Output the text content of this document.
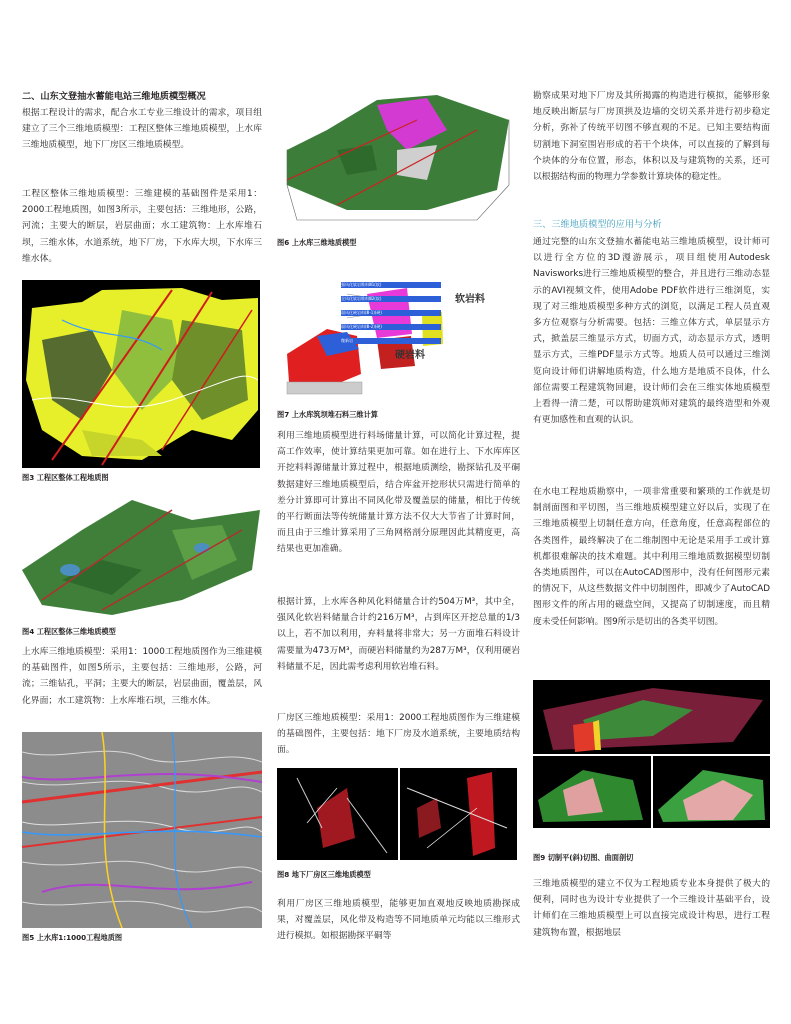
二、山东文登抽水蓄能电站三维地质模型概况

根据工程设计的需求，配合水工专业三维设计的需求，项目组建立了三个三维地质模型：工程区整体三维地质模型，上水库三维地质模型，地下厂房区三维地质模型。

工程区整体三维地质模型：三维建模的基础图件是采用1：2000工程地质图，如图3所示，主要包括：三维地形，公路，河流；主要大的断层，岩层曲面；水工建筑物：上水库堆石坝，三维水体，水道系统，地下厂房，下水库大坝，下水库三维水体。

图3 工程区整体工程地质图
图4 工程区整体三维地质模型

上水库三维地质模型：采用1：1000工程地质图作为三维建模的基础图件，如图5所示，主要包括：三维地形，公路，河流；三维钻孔，平洞；主要大的断层，岩层曲面，覆盖层，风化界面；水工建筑物：上水库堆石坝，三维水体。

图5 上水库1:1000工程地质图
图6 上水库三维地质模型
强风化软岩堆料Ⅲ1(软)
全风化软岩堆料Ⅲ2(软)
弱风化硬岩料(Ⅲ-1)(硬)
弱风化硬岩料(Ⅲ-2)(硬)
微新岩
软岩料
硬岩料
图7 上水库筑坝堆石料三维计算

利用三维地质模型进行料场储量计算，可以简化计算过程，提高工作效率，使计算结果更加可靠。如在进行上、下水库库区开挖料料源储量计算过程中，根据地质测绘，勘探钻孔及平硐数据建好三维地质模型后，结合库盆开挖形状只需进行简单的差分计算即可计算出不同风化带及覆盖层的储量，相比于传统的平行断面法等传统储量计算方法不仅大大节省了计算时间，而且由于三维计算采用了三角网格剖分原理因此其精度更，高结果也更加准确。

根据计算，上水库各种风化料储量合计约504万M³，其中全，强风化软岩料储量合计约216万M³，占到库区开挖总量的1/3以上，若不加以利用，弃料量将非常大；另一方面堆石料设计需要量为473万M³，而硬岩料储量约为287万M³，仅利用硬岩料储量不足，因此需考虑利用软岩堆石料。

厂房区三维地质模型：采用1：2000工程地质图作为三维建模的基础图件，主要包括：地下厂房及水道系统，主要地质结构面。

图8 地下厂房区三维地质模型

利用厂房区三维地质模型，能够更加直观地反映地质勘探成果，对覆盖层，风化带及构造等不同地质单元均能以三维形式进行模拟。如根据勘探平硐等

勘察成果对地下厂房及其所揭露的构造进行模拟，能够形象地反映出断层与厂房顶拱及边墙的交切关系并进行初步稳定分析，弥补了传统平切图不够直观的不足。已知主要结构面切割地下洞室围岩形成的若干个块体，可以直接的了解到每个块体的分布位置，形态，体积以及与建筑物的关系，还可以根据结构面的物理力学参数计算块体的稳定性。

三、三维地质模型的应用与分析

通过完整的山东文登抽水蓄能电站三维地质模型，设计师可以进行全方位的3D漫游展示，项目组使用Autodesk Navisworks进行三维地质模型的整合，并且进行三维动态显示的AVI视频文件，使用Adobe PDF软件进行三维浏览，实现了对三维地质模型多种方式的浏览，以满足工程人员直观多方位观察与分析需要。包括：三维立体方式，单层显示方式，掀盖层三维显示方式，切面方式，动态显示方式，透明显示方式，三维PDF显示方式等。地质人员可以通过三维浏览向设计师们讲解地质构造，什么地方是地质不良体，什么部位需要工程建筑物回避，设计师们会在三维实体地质模型上看得一清二楚，可以帮助建筑师对建筑的最终造型和外观有更加感性和直观的认识。

在水电工程地质勘察中，一项非常重要和繁琐的工作就是切制剖面图和平切图，当三维地质模型建立好以后，实现了在三维地质模型上切制任意方向，任意角度，任意高程部位的各类图件，最终解决了在二维制图中无论是采用手工或计算机都很难解决的技术难题。其中利用三维地质数据模型切制各类地质图件，可以在AutoCAD图形中，没有任何图形元素的情况下，从这些数据文件中切制图件，即减少了AutoCAD图形文件的所占用的磁盘空间，又提高了切制速度，而且精度未受任何影响。图9所示是切出的各类平切图。

图9 切制平(斜)切图、曲面剖切

三维地质模型的建立不仅为工程地质专业本身提供了极大的便利，同时也为设计专业提供了一个三维设计基础平台，设计师们在三维地质模型上可以直接完成设计构思，进行工程建筑物布置，根据地层
